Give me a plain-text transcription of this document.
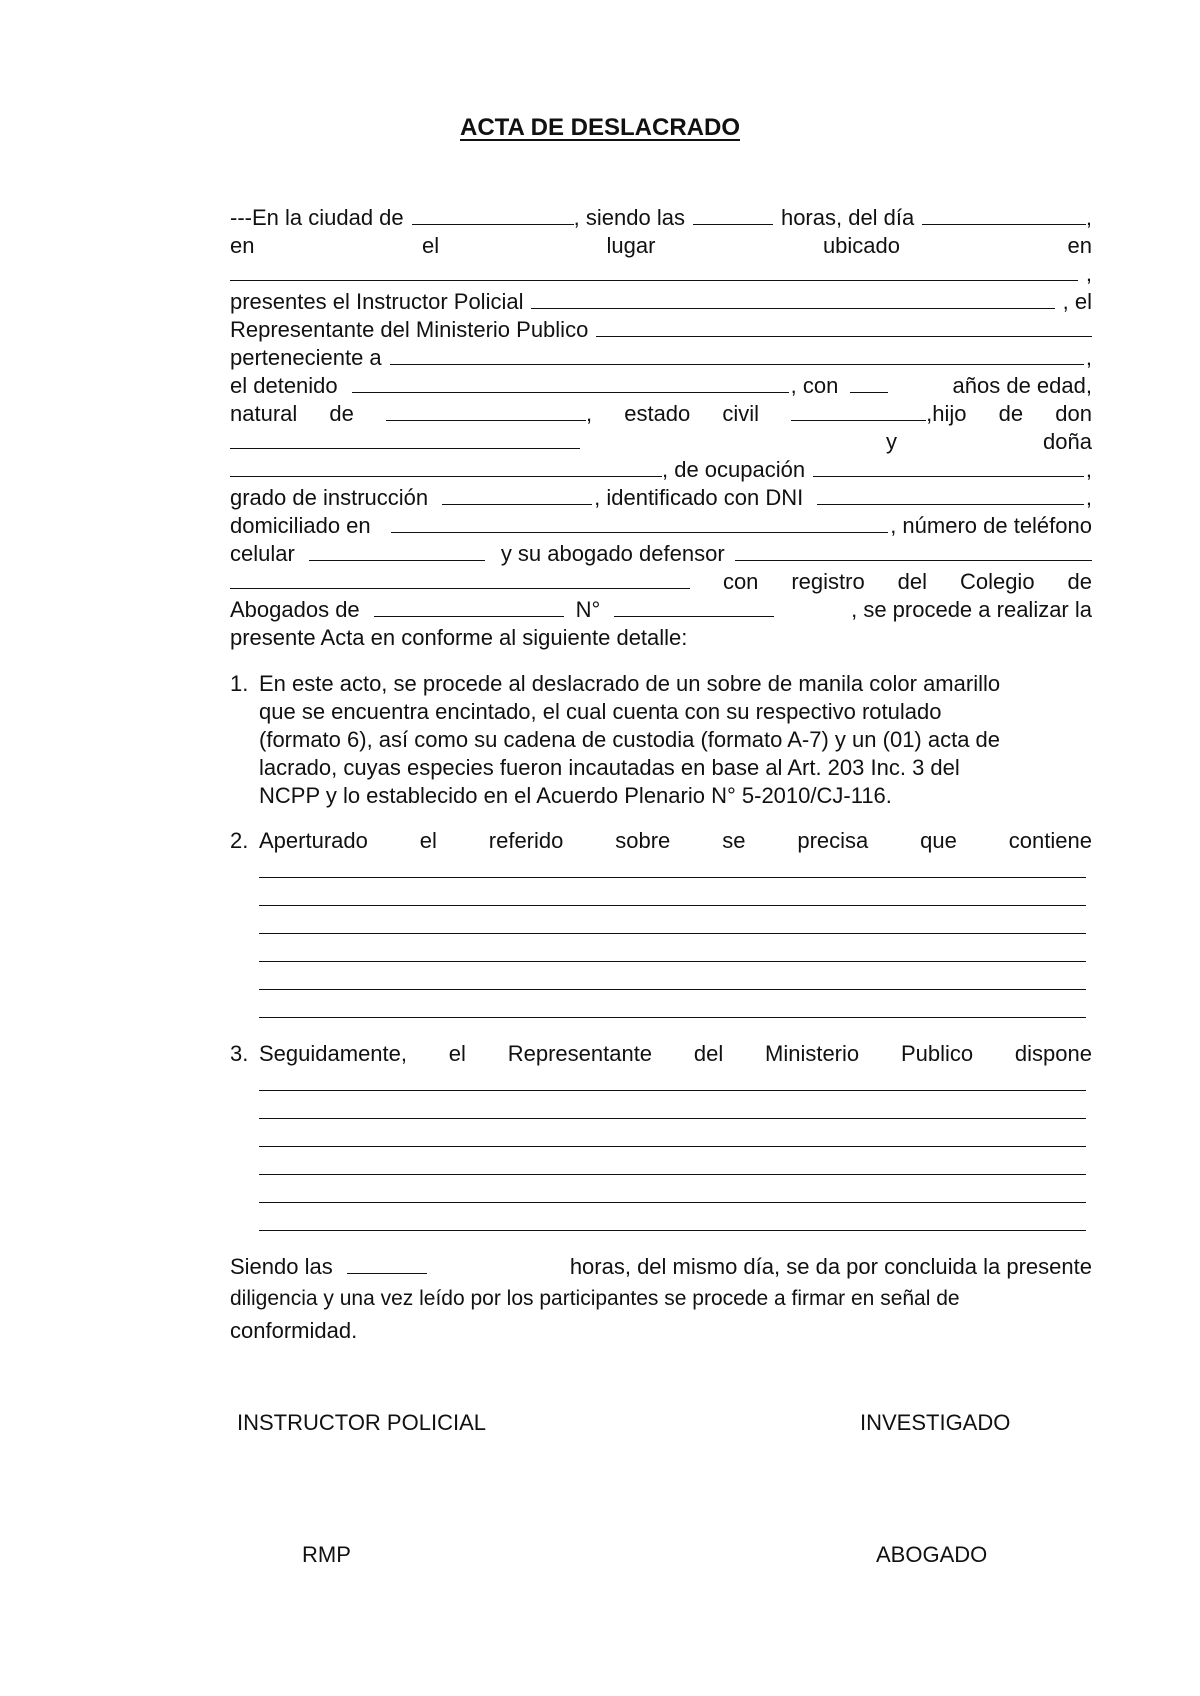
ACTA DE DESLACRADO
---En la ciudad de	, siendo las	horas, del día	,
en	el	lugar	ubicado	en
,
presentes el Instructor Policial	, el
Representante del Ministerio Publico
perteneciente a	,
el detenido	, con	años de edad,
natural de	, estado civil	,hijo de don
y	doña
, de ocupación	,
grado de instrucción	, identificado con DNI	,
domiciliado en	, número de teléfono
celular	y su abogado defensor
con registro del Colegio de
Abogados de	N°	, se procede a realizar la
presente Acta en conforme al siguiente detalle:
1. En este acto, se procede al deslacrado de un sobre de manila color amarillo
que se encuentra encintado, el cual cuenta con su respectivo rotulado
(formato 6), así como su cadena de custodia (formato A-7) y un (01) acta de
lacrado, cuyas especies fueron incautadas en base al Art. 203 Inc. 3 del
NCPP y lo establecido en el Acuerdo Plenario N° 5-2010/CJ-116.
2. Aperturado el referido sobre se precisa que contiene
3. Seguidamente, el Representante del Ministerio Publico dispone
Siendo las	horas, del mismo día, se da por concluida la presente
diligencia y una vez leído por los participantes se procede a firmar en señal de
conformidad.
INSTRUCTOR POLICIAL	INVESTIGADO
RMP	ABOGADO
